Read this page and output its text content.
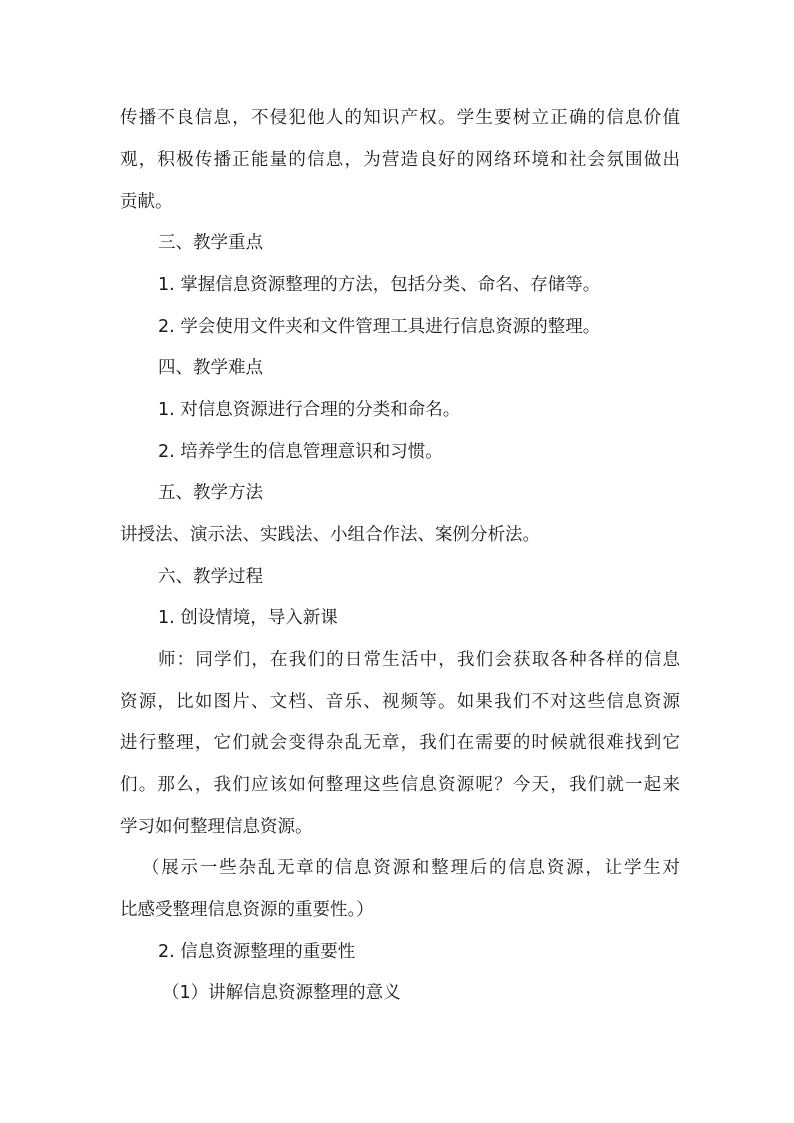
传播不良信息，不侵犯他人的知识产权。学生要树立正确的信息价值
观，积极传播正能量的信息，为营造良好的网络环境和社会氛围做出
贡献。
三、教学重点
1. 掌握信息资源整理的方法，包括分类、命名、存储等。
2. 学会使用文件夹和文件管理工具进行信息资源的整理。
四、教学难点
1. 对信息资源进行合理的分类和命名。
2. 培养学生的信息管理意识和习惯。
五、教学方法
讲授法、演示法、实践法、小组合作法、案例分析法。
六、教学过程
1. 创设情境，导入新课
师：同学们，在我们的日常生活中，我们会获取各种各样的信息
资源，比如图片、文档、音乐、视频等。如果我们不对这些信息资源
进行整理，它们就会变得杂乱无章，我们在需要的时候就很难找到它
们。那么，我们应该如何整理这些信息资源呢？今天，我们就一起来
学习如何整理信息资源。
（展示一些杂乱无章的信息资源和整理后的信息资源，让学生对
比感受整理信息资源的重要性。）
2. 信息资源整理的重要性
（1）讲解信息资源整理的意义
